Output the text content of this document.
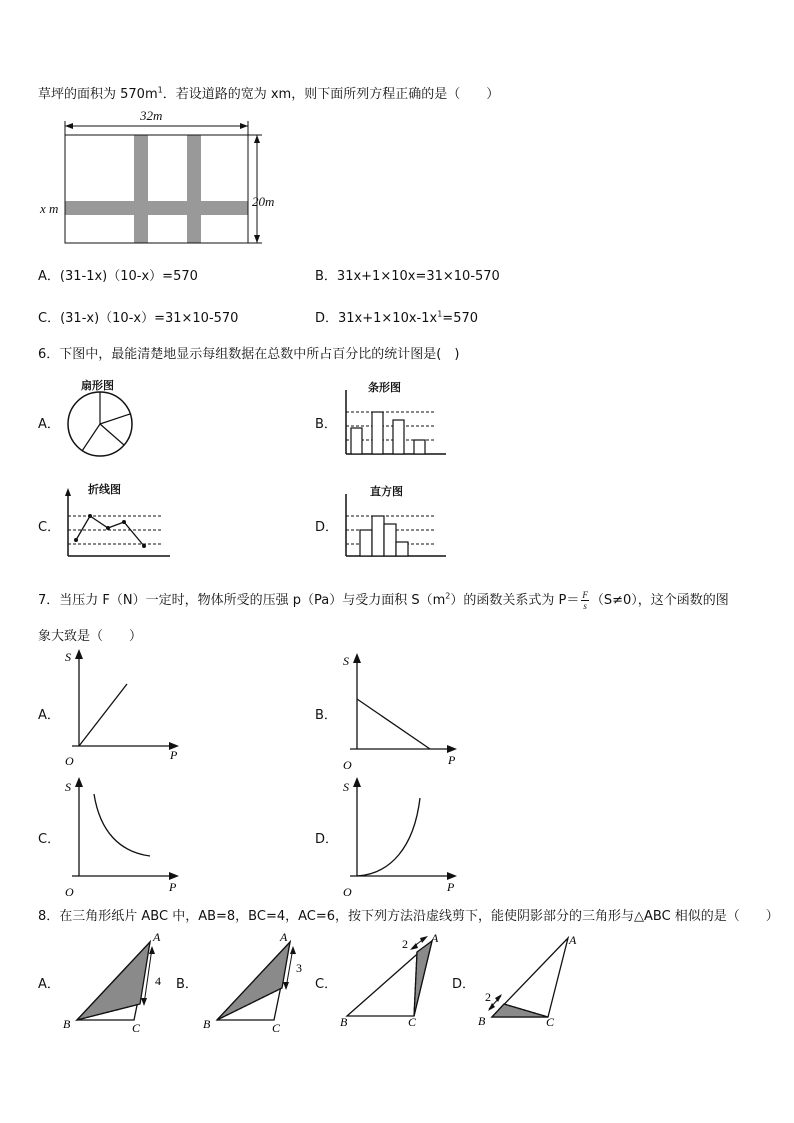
草坪的面积为 $570m^1$．若设道路的宽为 xm，则下面所列方程正确的是（　　）
32m
20m
x m
A．(31-1x)（10-x）=570	B．31x+1×10x=31×10-570
C．(31-x)（10-x）=31×10-570	D．$31x+1\times 10x-1x^1=570$
6．下图中，最能清楚地显示每组数据在总数中所占百分比的统计图是(　)
A．
扇形图
B．
条形图
C．
折线图
D．
直方图
7．当压力 F（N）一定时，物体所受的压强 p（Pa）与受力面积 $S(m^2)$的函数关系式为 $P= \frac{F}{s} (S\ne 0)$，这个函数的图
象大致是（　　）
A．
S
P
O
B．
S
P
O
C．
S
P
O
D．
S
P
O
8．在三角形纸片 ABC 中，AB=8，BC=4，AC=6，按下列方法沿虚线剪下，能使阴影部分的三角形与△ABC 相似的是（　　）
A．
A
B	C
4 B．
A
B	C
3
C．
A
B	C
2
D．
A
B	C
2
